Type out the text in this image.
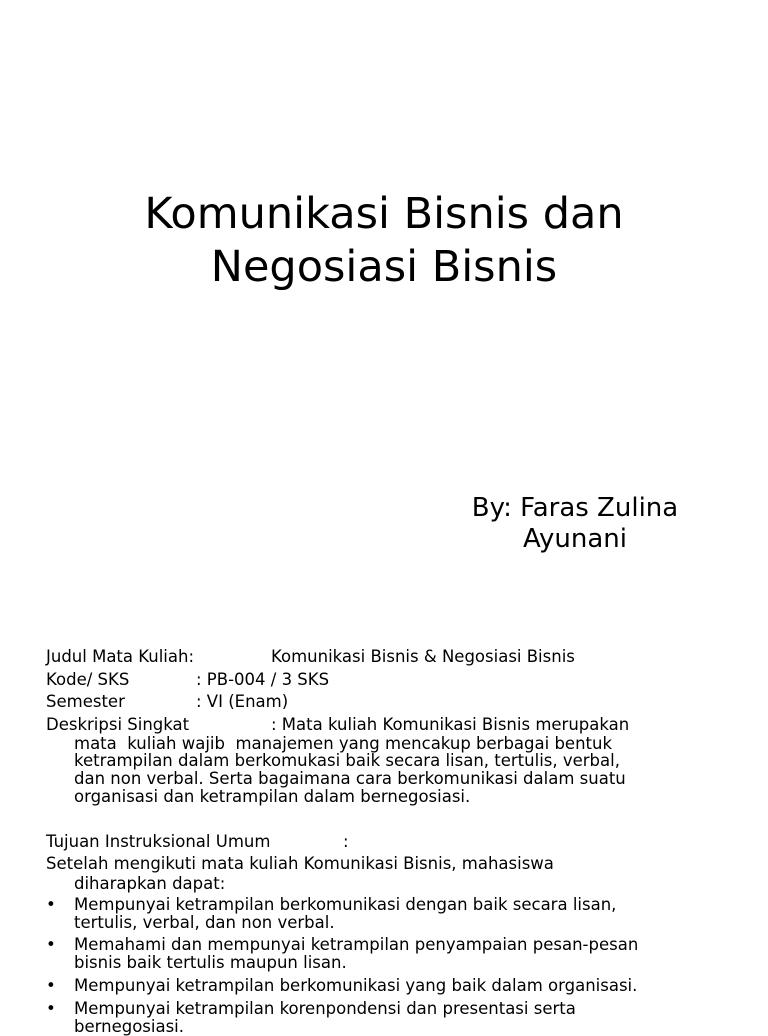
Komunikasi Bisnis dan
Negosiasi Bisnis
By: Faras Zulina
Ayunani
Judul Mata Kuliah:	Komunikasi Bisnis & Negosiasi Bisnis
Kode/ SKS	: PB-004 / 3 SKS
Semester	: VI (Enam)
Deskripsi Singkat	: Mata kuliah Komunikasi Bisnis merupakan
mata  kuliah wajib  manajemen yang mencakup berbagai bentuk
ketrampilan dalam berkomukasi baik secara lisan, tertulis, verbal,
dan non verbal. Serta bagaimana cara berkomunikasi dalam suatu
organisasi dan ketrampilan dalam bernegosiasi.
Tujuan Instruksional Umum	:
Setelah mengikuti mata kuliah Komunikasi Bisnis, mahasiswa
diharapkan dapat:
• Mempunyai ketrampilan berkomunikasi dengan baik secara lisan,
tertulis, verbal, dan non verbal.
• Memahami dan mempunyai ketrampilan penyampaian pesan-pesan
bisnis baik tertulis maupun lisan.
• Mempunyai ketrampilan berkomunikasi yang baik dalam organisasi.
• Mempunyai ketrampilan korenpondensi dan presentasi serta
bernegosiasi.
